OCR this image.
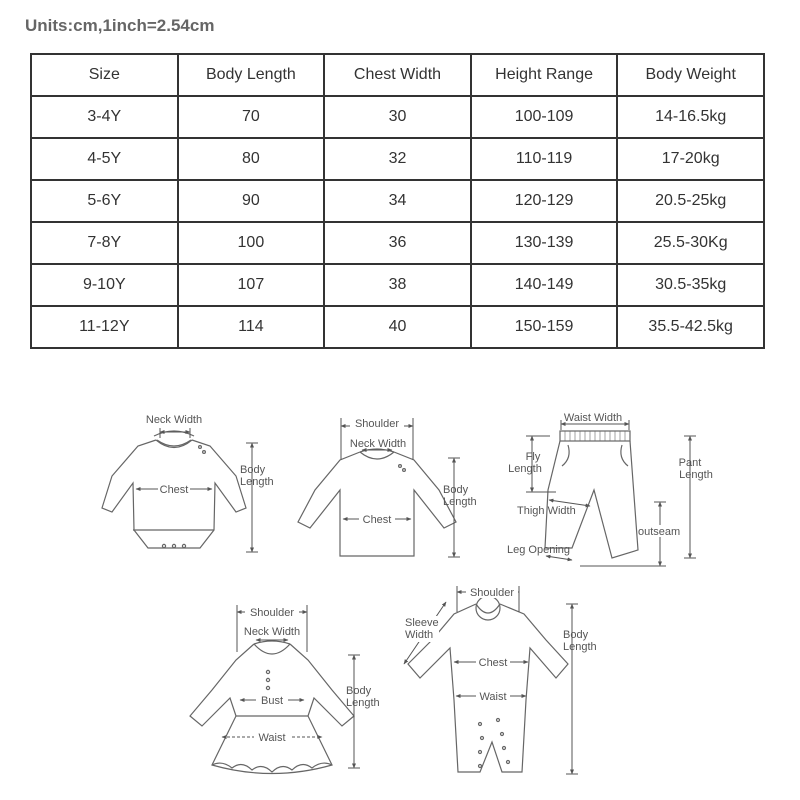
Units:cm,1inch=2.54cm
Size	Body Length	Chest Width	Height Range	Body Weight
3-4Y	70	30	100-109	14-16.5kg
4-5Y	80	32	110-119	17-20kg
5-6Y	90	34	120-129	20.5-25kg
7-8Y	100	36	130-139	25.5-30Kg
9-10Y	107	38	140-149	30.5-35kg
11-12Y	114	40	150-159	35.5-42.5kg
Neck Width
Chest
Body
Length
Shoulder
Neck Width
Chest
Body
Length
Waist Width
Fly
Length	Pant
Length
Thigh Width
outseam
Leg Opening
Shoulder
Neck Width
Bust
Waist
Body
Length
Shoulder
Sleeve
Width
Chest
Waist
Body
Length
